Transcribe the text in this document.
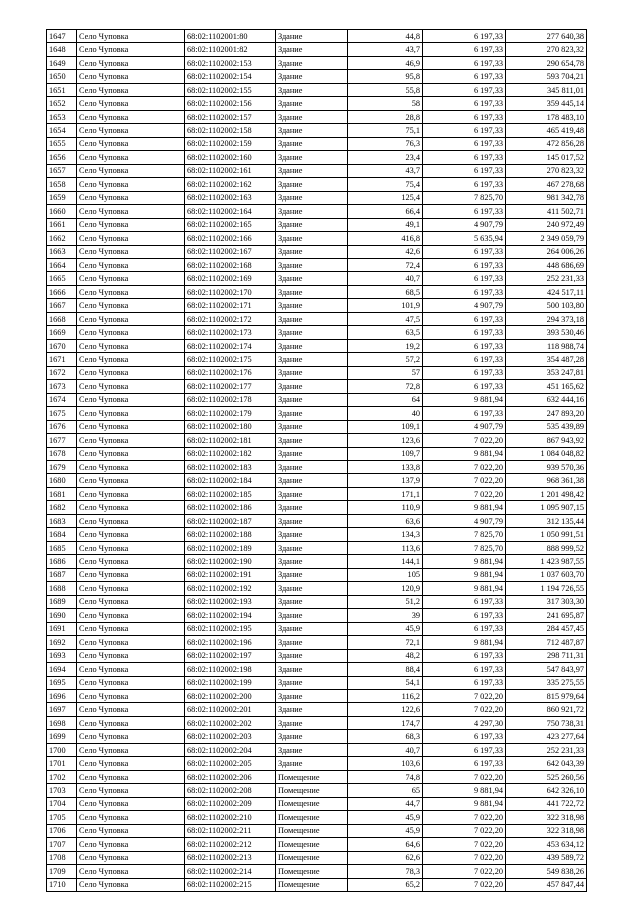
1647	Село Чуповка	68:02:1102001:80	Здание	44,8	6 197,33	277 640,38
1648	Село Чуповка	68:02:1102001:82	Здание	43,7	6 197,33	270 823,32
1649	Село Чуповка	68:02:1102002:153	Здание	46,9	6 197,33	290 654,78
1650	Село Чуповка	68:02:1102002:154	Здание	95,8	6 197,33	593 704,21
1651	Село Чуповка	68:02:1102002:155	Здание	55,8	6 197,33	345 811,01
1652	Село Чуповка	68:02:1102002:156	Здание	58	6 197,33	359 445,14
1653	Село Чуповка	68:02:1102002:157	Здание	28,8	6 197,33	178 483,10
1654	Село Чуповка	68:02:1102002:158	Здание	75,1	6 197,33	465 419,48
1655	Село Чуповка	68:02:1102002:159	Здание	76,3	6 197,33	472 856,28
1656	Село Чуповка	68:02:1102002:160	Здание	23,4	6 197,33	145 017,52
1657	Село Чуповка	68:02:1102002:161	Здание	43,7	6 197,33	270 823,32
1658	Село Чуповка	68:02:1102002:162	Здание	75,4	6 197,33	467 278,68
1659	Село Чуповка	68:02:1102002:163	Здание	125,4	7 825,70	981 342,78
1660	Село Чуповка	68:02:1102002:164	Здание	66,4	6 197,33	411 502,71
1661	Село Чуповка	68:02:1102002:165	Здание	49,1	4 907,79	240 972,49
1662	Село Чуповка	68:02:1102002:166	Здание	416,8	5 635,94	2 349 059,79
1663	Село Чуповка	68:02:1102002:167	Здание	42,6	6 197,33	264 006,26
1664	Село Чуповка	68:02:1102002:168	Здание	72,4	6 197,33	448 686,69
1665	Село Чуповка	68:02:1102002:169	Здание	40,7	6 197,33	252 231,33
1666	Село Чуповка	68:02:1102002:170	Здание	68,5	6 197,33	424 517,11
1667	Село Чуповка	68:02:1102002:171	Здание	101,9	4 907,79	500 103,80
1668	Село Чуповка	68:02:1102002:172	Здание	47,5	6 197,33	294 373,18
1669	Село Чуповка	68:02:1102002:173	Здание	63,5	6 197,33	393 530,46
1670	Село Чуповка	68:02:1102002:174	Здание	19,2	6 197,33	118 988,74
1671	Село Чуповка	68:02:1102002:175	Здание	57,2	6 197,33	354 487,28
1672	Село Чуповка	68:02:1102002:176	Здание	57	6 197,33	353 247,81
1673	Село Чуповка	68:02:1102002:177	Здание	72,8	6 197,33	451 165,62
1674	Село Чуповка	68:02:1102002:178	Здание	64	9 881,94	632 444,16
1675	Село Чуповка	68:02:1102002:179	Здание	40	6 197,33	247 893,20
1676	Село Чуповка	68:02:1102002:180	Здание	109,1	4 907,79	535 439,89
1677	Село Чуповка	68:02:1102002:181	Здание	123,6	7 022,20	867 943,92
1678	Село Чуповка	68:02:1102002:182	Здание	109,7	9 881,94	1 084 048,82
1679	Село Чуповка	68:02:1102002:183	Здание	133,8	7 022,20	939 570,36
1680	Село Чуповка	68:02:1102002:184	Здание	137,9	7 022,20	968 361,38
1681	Село Чуповка	68:02:1102002:185	Здание	171,1	7 022,20	1 201 498,42
1682	Село Чуповка	68:02:1102002:186	Здание	110,9	9 881,94	1 095 907,15
1683	Село Чуповка	68:02:1102002:187	Здание	63,6	4 907,79	312 135,44
1684	Село Чуповка	68:02:1102002:188	Здание	134,3	7 825,70	1 050 991,51
1685	Село Чуповка	68:02:1102002:189	Здание	113,6	7 825,70	888 999,52
1686	Село Чуповка	68:02:1102002:190	Здание	144,1	9 881,94	1 423 987,55
1687	Село Чуповка	68:02:1102002:191	Здание	105	9 881,94	1 037 603,70
1688	Село Чуповка	68:02:1102002:192	Здание	120,9	9 881,94	1 194 726,55
1689	Село Чуповка	68:02:1102002:193	Здание	51,2	6 197,33	317 303,30
1690	Село Чуповка	68:02:1102002:194	Здание	39	6 197,33	241 695,87
1691	Село Чуповка	68:02:1102002:195	Здание	45,9	6 197,33	284 457,45
1692	Село Чуповка	68:02:1102002:196	Здание	72,1	9 881,94	712 487,87
1693	Село Чуповка	68:02:1102002:197	Здание	48,2	6 197,33	298 711,31
1694	Село Чуповка	68:02:1102002:198	Здание	88,4	6 197,33	547 843,97
1695	Село Чуповка	68:02:1102002:199	Здание	54,1	6 197,33	335 275,55
1696	Село Чуповка	68:02:1102002:200	Здание	116,2	7 022,20	815 979,64
1697	Село Чуповка	68:02:1102002:201	Здание	122,6	7 022,20	860 921,72
1698	Село Чуповка	68:02:1102002:202	Здание	174,7	4 297,30	750 738,31
1699	Село Чуповка	68:02:1102002:203	Здание	68,3	6 197,33	423 277,64
1700	Село Чуповка	68:02:1102002:204	Здание	40,7	6 197,33	252 231,33
1701	Село Чуповка	68:02:1102002:205	Здание	103,6	6 197,33	642 043,39
1702	Село Чуповка	68:02:1102002:206	Помещение	74,8	7 022,20	525 260,56
1703	Село Чуповка	68:02:1102002:208	Помещение	65	9 881,94	642 326,10
1704	Село Чуповка	68:02:1102002:209	Помещение	44,7	9 881,94	441 722,72
1705	Село Чуповка	68:02:1102002:210	Помещение	45,9	7 022,20	322 318,98
1706	Село Чуповка	68:02:1102002:211	Помещение	45,9	7 022,20	322 318,98
1707	Село Чуповка	68:02:1102002:212	Помещение	64,6	7 022,20	453 634,12
1708	Село Чуповка	68:02:1102002:213	Помещение	62,6	7 022,20	439 589,72
1709	Село Чуповка	68:02:1102002:214	Помещение	78,3	7 022,20	549 838,26
1710	Село Чуповка	68:02:1102002:215	Помещение	65,2	7 022,20	457 847,44
